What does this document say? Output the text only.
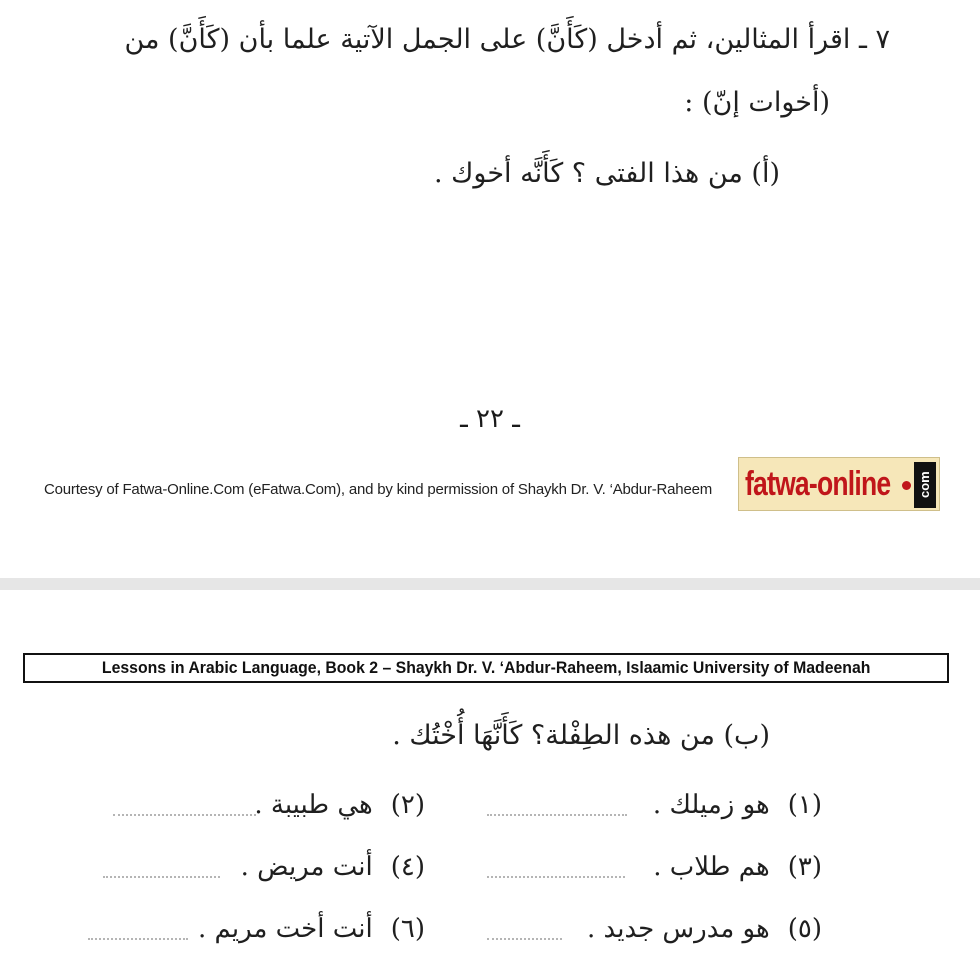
٧ ـ اقرأ المثالين، ثم أدخل (كَأَنَّ) على الجمل الآتية علما بأن (كَأَنَّ) من
(أخوات إنّ) :
(أ) من هذا الفتى ؟ كَأَنَّه أخوك .
ـ ٢٢ ـ
Courtesy of Fatwa-Online.Com (eFatwa.Com), and by kind permission of Shaykh Dr. V. ‘Abdur-Raheem fatwa-online com
Lessons in Arabic Language, Book 2 – Shaykh Dr. V. ‘Abdur-Raheem, Islaamic University of Madeenah
(ب) من هذه الطِفْلة؟ كَأَنَّهَا أُخْتُك .
(١)هو زميلك .
(٢)هي طبيبة .
(٣)هم طلاب .
(٤)أنت مريض .
(٥)هو مدرس جديد .
(٦)أنت أخت مريم .
